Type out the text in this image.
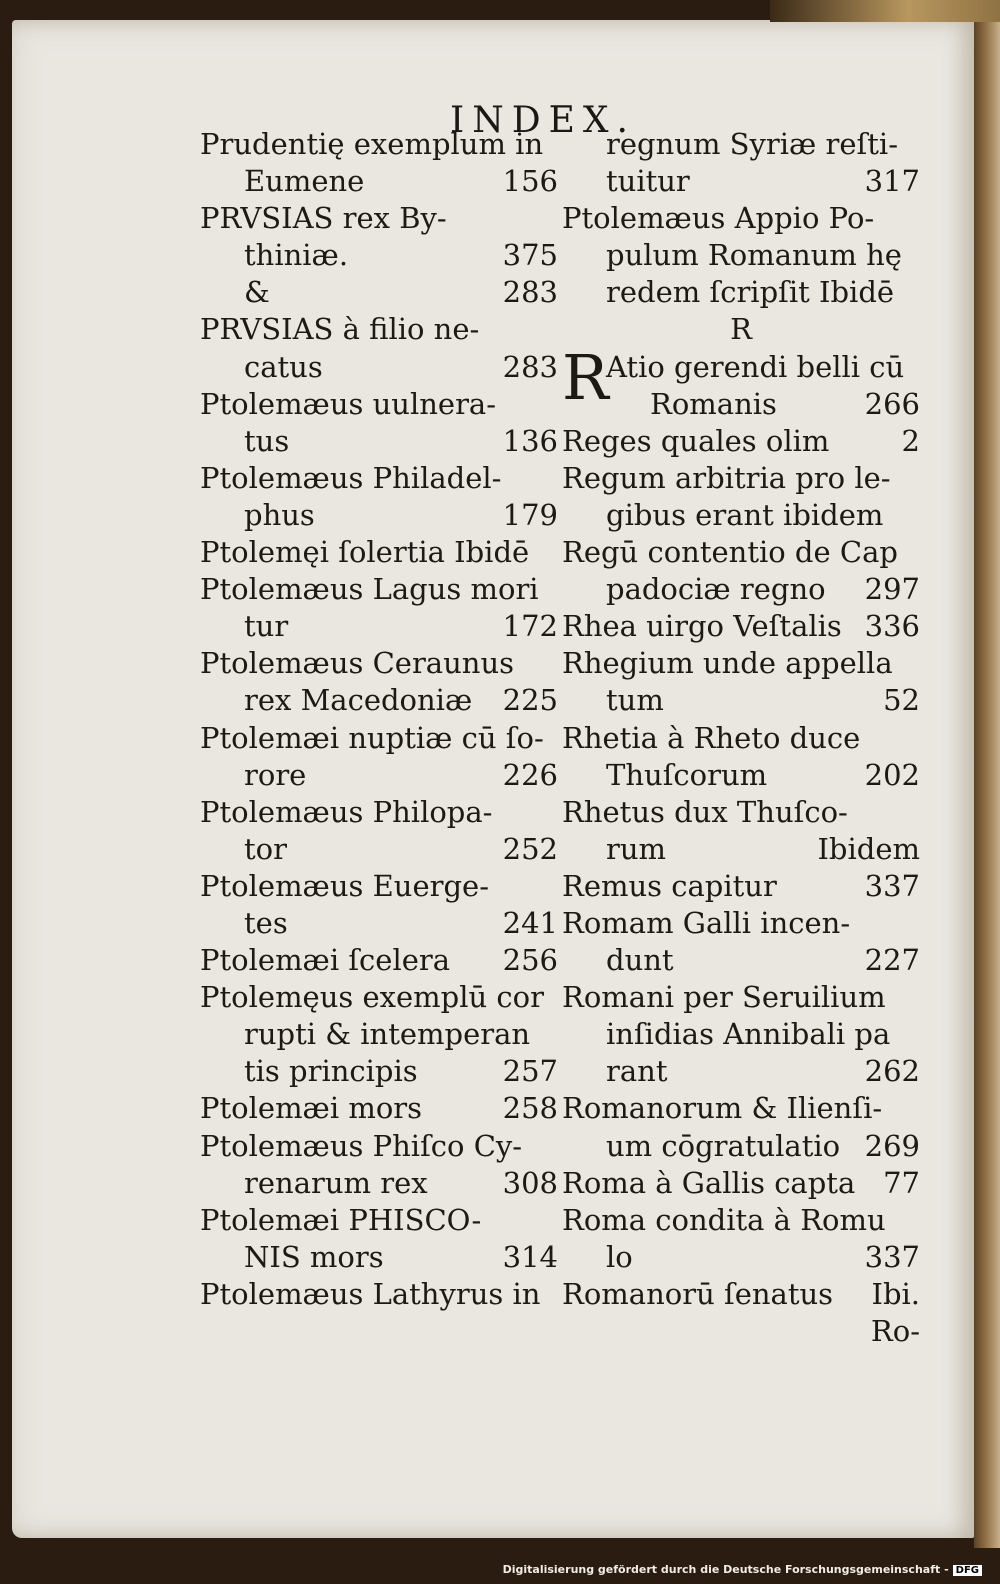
INDEX.
Prudentię exemplum in
Eumene	156
PRVSIAS rex By-
thiniæ.	375
&	283
PRVSIAS à filio ne-
catus	283
Ptolemæus uulnera-
tus	136
Ptolemæus Philadel-
phus	179
Ptolemęi ſolertia Ibidē
Ptolemæus Lagus mori
tur	172
Ptolemæus Ceraunus
rex Macedoniæ 225
Ptolemæi nuptiæ cū ſo-
rore	226
Ptolemæus Philopa-
tor	252
Ptolemæus Euerge-
tes	241
Ptolemæi ſcelera 256
Ptolemęus exemplū cor
rupti & intemperan
tis principis	257
Ptolemæi mors	258
Ptolemæus Phiſco Cy-
renarum rex	308
Ptolemæi PHISCO-
NIS mors	314
Ptolemæus Lathyrus in
regnum Syriæ reſti-
tuitur	317
Ptolemæus Appio Po-
pulum Romanum hę
redem ſcripſit Ibidē
R
R
Atio gerendi belli cū
Romanis	266
Reges quales olim 2
Regum arbitria pro le-
gibus erant ibidem
Regū contentio de Cap
padociæ regno 297
Rhea uirgo Veſtalis 336
Rhegium unde appella
tum	52
Rhetia à Rheto duce
Thuſcorum	202
Rhetus dux Thuſco-
rum	Ibidem
Remus capitur	337
Romam Galli incen-
dunt	227
Romani per Seruilium
inſidias Annibali pa
rant	262
Romanorum & Ilienſi-
um cōgratulatio 269
Roma à Gallis capta 77
Roma condita à Romu
lo	337
Romanorū ſenatus Ibi.
Ro-
Digitalisierung gefördert durch die Deutsche Forschungsgemeinschaft - DFG
